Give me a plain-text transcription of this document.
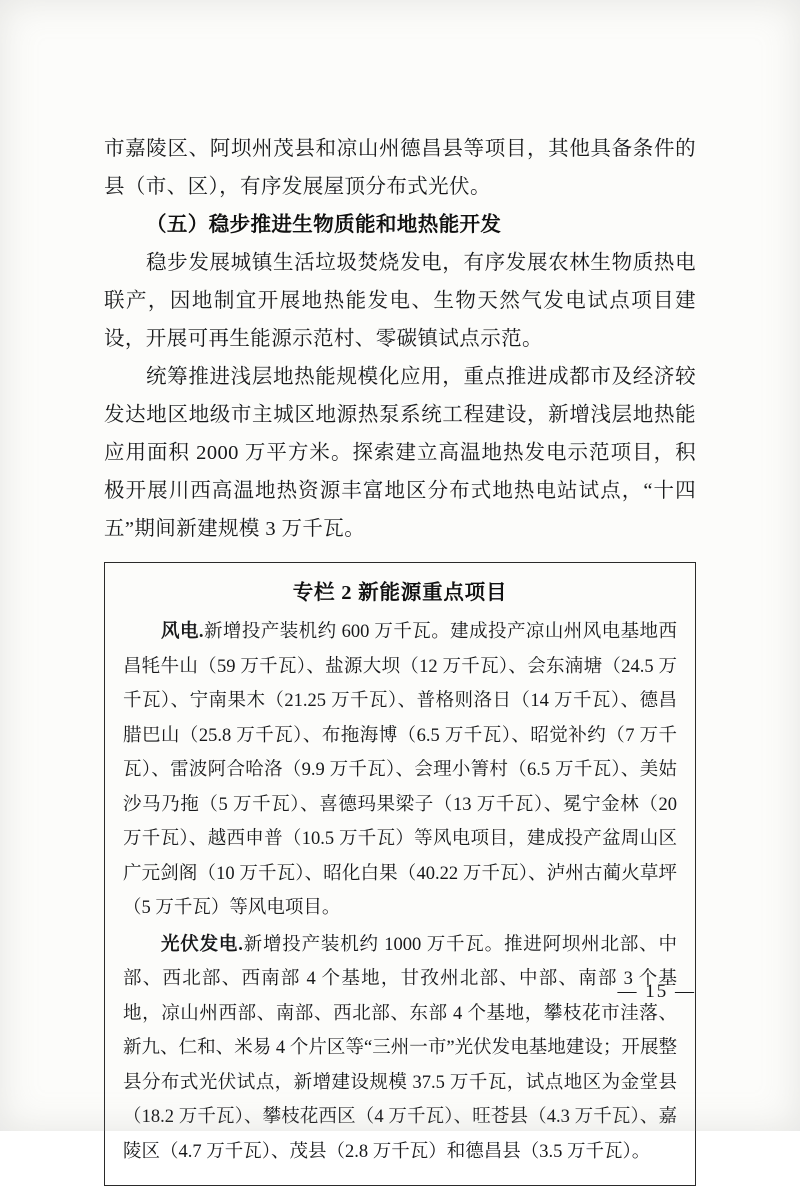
市嘉陵区、阿坝州茂县和凉山州德昌县等项目，其他具备条件的县（市、区），有序发展屋顶分布式光伏。

（五）稳步推进生物质能和地热能开发

稳步发展城镇生活垃圾焚烧发电，有序发展农林生物质热电联产，因地制宜开展地热能发电、生物天然气发电试点项目建设，开展可再生能源示范村、零碳镇试点示范。

统筹推进浅层地热能规模化应用，重点推进成都市及经济较发达地区地级市主城区地源热泵系统工程建设，新增浅层地热能应用面积 2000 万平方米。探索建立高温地热发电示范项目，积极开展川西高温地热资源丰富地区分布式地热电站试点，“十四五”期间新建规模 3 万千瓦。

专栏 2 新能源重点项目

风电.新增投产装机约 600 万千瓦。建成投产凉山州风电基地西昌牦牛山（59 万千瓦）、盐源大坝（12 万千瓦）、会东湳塘（24.5 万千瓦）、宁南果木（21.25 万千瓦）、普格则洛日（14 万千瓦）、德昌腊巴山（25.8 万千瓦）、布拖海博（6.5 万千瓦）、昭觉补约（7 万千瓦）、雷波阿合哈洛（9.9 万千瓦）、会理小箐村（6.5 万千瓦）、美姑沙马乃拖（5 万千瓦）、喜德玛果梁子（13 万千瓦）、冕宁金林（20 万千瓦）、越西申普（10.5 万千瓦）等风电项目，建成投产盆周山区广元剑阁（10 万千瓦）、昭化白果（40.22 万千瓦）、泸州古蔺火草坪（5 万千瓦）等风电项目。

光伏发电.新增投产装机约 1000 万千瓦。推进阿坝州北部、中部、西北部、西南部 4 个基地，甘孜州北部、中部、南部 3 个基地，凉山州西部、南部、西北部、东部 4 个基地，攀枝花市洼落、新九、仁和、米易 4 个片区等“三州一市”光伏发电基地建设；开展整县分布式光伏试点，新增建设规模 37.5 万千瓦，试点地区为金堂县（18.2 万千瓦）、攀枝花西区（4 万千瓦）、旺苍县（4.3 万千瓦）、嘉陵区（4.7 万千瓦）、茂县（2.8 万千瓦）和德昌县（3.5 万千瓦）。

— 15 —
